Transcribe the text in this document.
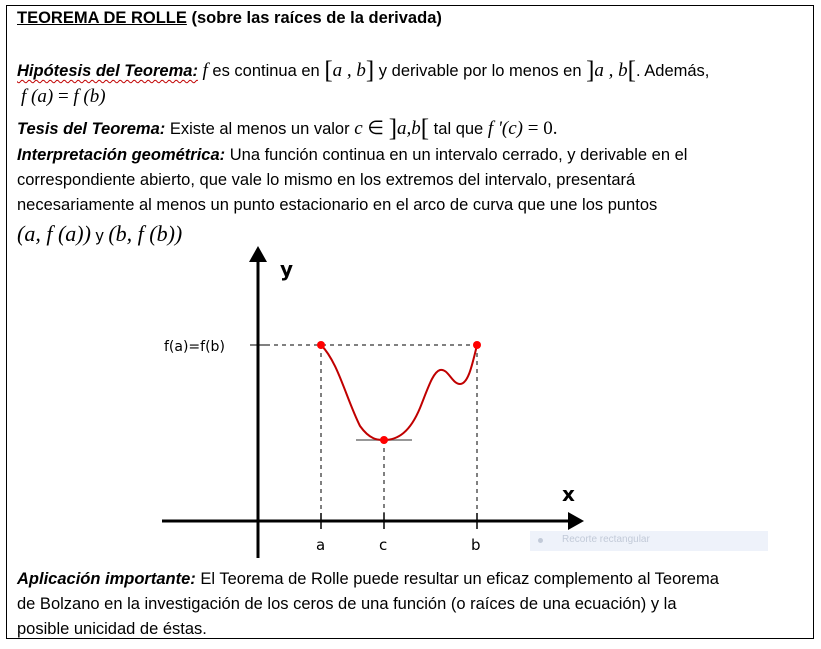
TEOREMA DE ROLLE (sobre las raíces de la derivada)
Hipótesis del Teorema: f es continua en [a , b] y derivable por lo menos en ]a , b[. Además,
f (a) = f (b)
Tesis del Teorema: Existe al menos un valor c ∈ ]a,b[ tal que f '(c) = 0.
Interpretación geométrica: Una función continua en un intervalo cerrado, y derivable en el
correspondiente abierto, que vale lo mismo en los extremos del intervalo, presentará
necesariamente al menos un punto estacionario en el arco de curva que une los puntos
(a, f (a)) y (b, f (b))
y
x
f(a)=f(b)
a	c	b	Recorte rectangular
Aplicación importante: El Teorema de Rolle puede resultar un eficaz complemento al Teorema
de Bolzano en la investigación de los ceros de una función (o raíces de una ecuación) y la
posible unicidad de éstas.
